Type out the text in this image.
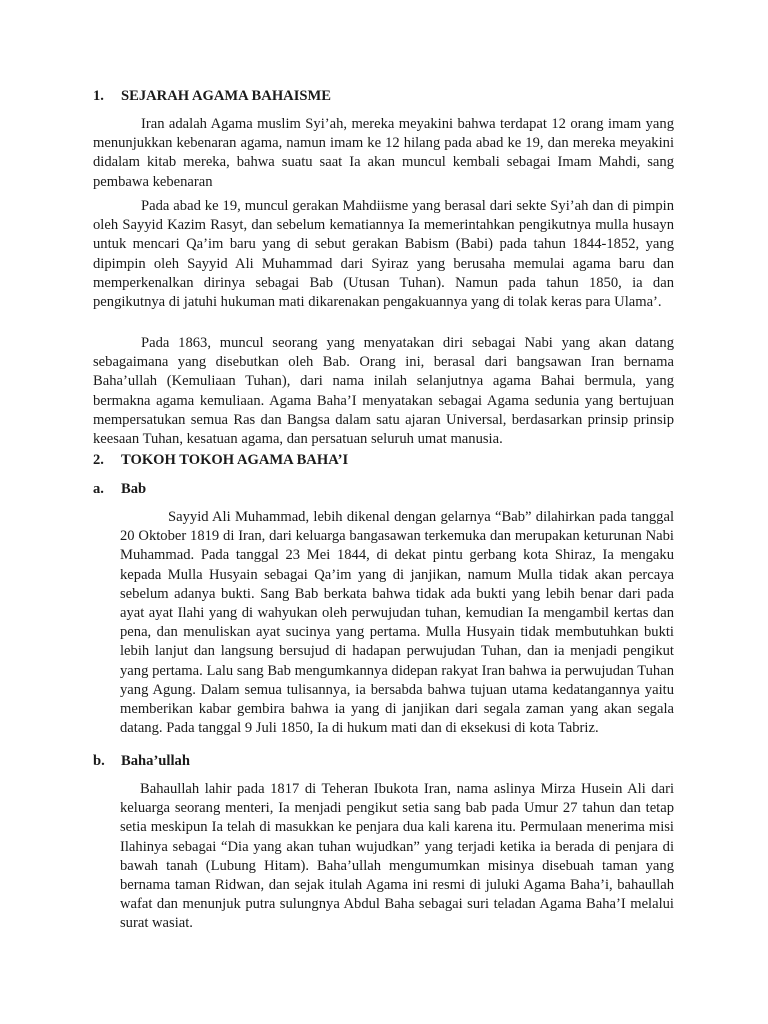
1. SEJARAH AGAMA BAHAISME

Iran adalah Agama muslim Syi’ah, mereka meyakini bahwa terdapat 12 orang imam yang menunjukkan kebenaran agama, namun imam ke 12 hilang pada abad ke 19, dan mereka meyakini didalam kitab mereka, bahwa suatu saat Ia akan muncul kembali sebagai Imam Mahdi, sang pembawa kebenaran

Pada abad ke 19, muncul gerakan Mahdiisme yang berasal dari sekte Syi’ah dan di pimpin oleh Sayyid Kazim Rasyt, dan sebelum kematiannya Ia memerintahkan pengikutnya mulla husayn untuk mencari Qa’im baru yang di sebut gerakan Babism (Babi) pada tahun 1844-1852, yang dipimpin oleh Sayyid Ali Muhammad dari Syiraz yang berusaha memulai agama baru dan memperkenalkan dirinya sebagai Bab (Utusan Tuhan). Namun pada tahun 1850, ia dan pengikutnya di jatuhi hukuman mati dikarenakan pengakuannya yang di tolak keras para Ulama’.

Pada 1863, muncul seorang yang menyatakan diri sebagai Nabi yang akan datang sebagaimana yang disebutkan oleh Bab. Orang ini, berasal dari bangsawan Iran bernama Baha’ullah (Kemuliaan Tuhan), dari nama inilah selanjutnya agama Bahai bermula, yang bermakna agama kemuliaan. Agama Baha’I menyatakan sebagai Agama sedunia yang bertujuan mempersatukan semua Ras dan Bangsa dalam satu ajaran Universal, berdasarkan prinsip prinsip keesaan Tuhan, kesatuan agama, dan persatuan seluruh umat manusia.

2. TOKOH TOKOH AGAMA BAHA’I
a. Bab

Sayyid Ali Muhammad, lebih dikenal dengan gelarnya “Bab” dilahirkan pada tanggal 20 Oktober 1819 di Iran, dari keluarga bangasawan terkemuka dan merupakan keturunan Nabi Muhammad. Pada tanggal 23 Mei 1844, di dekat pintu gerbang kota Shiraz, Ia mengaku kepada Mulla Husyain sebagai Qa’im yang di janjikan, namum Mulla tidak akan percaya sebelum adanya bukti. Sang Bab berkata bahwa tidak ada bukti yang lebih benar dari pada ayat ayat Ilahi yang di wahyukan oleh perwujudan tuhan, kemudian Ia mengambil kertas dan pena, dan menuliskan ayat sucinya yang pertama. Mulla Husyain tidak membutuhkan bukti lebih lanjut dan langsung bersujud di hadapan perwujudan Tuhan, dan ia menjadi pengikut yang pertama. Lalu sang Bab mengumkannya didepan rakyat Iran bahwa ia perwujudan Tuhan yang Agung. Dalam semua tulisannya, ia bersabda bahwa tujuan utama kedatangannya yaitu memberikan kabar gembira bahwa ia yang di janjikan dari segala zaman yang akan segala datang. Pada tanggal 9 Juli 1850, Ia di hukum mati dan di eksekusi di kota Tabriz.

b. Baha’ullah

Bahaullah lahir pada 1817 di Teheran Ibukota Iran, nama aslinya Mirza Husein Ali dari keluarga seorang menteri, Ia menjadi pengikut setia sang bab pada Umur 27 tahun dan tetap setia meskipun Ia telah di masukkan ke penjara dua kali karena itu. Permulaan menerima misi Ilahinya sebagai “Dia yang akan tuhan wujudkan” yang terjadi ketika ia berada di penjara di bawah tanah (Lubung Hitam). Baha’ullah mengumumkan misinya disebuah taman yang bernama taman Ridwan, dan sejak itulah Agama ini resmi di juluki Agama Baha’i, bahaullah wafat dan menunjuk putra sulungnya Abdul Baha sebagai suri teladan Agama Baha’I melalui surat wasiat.
